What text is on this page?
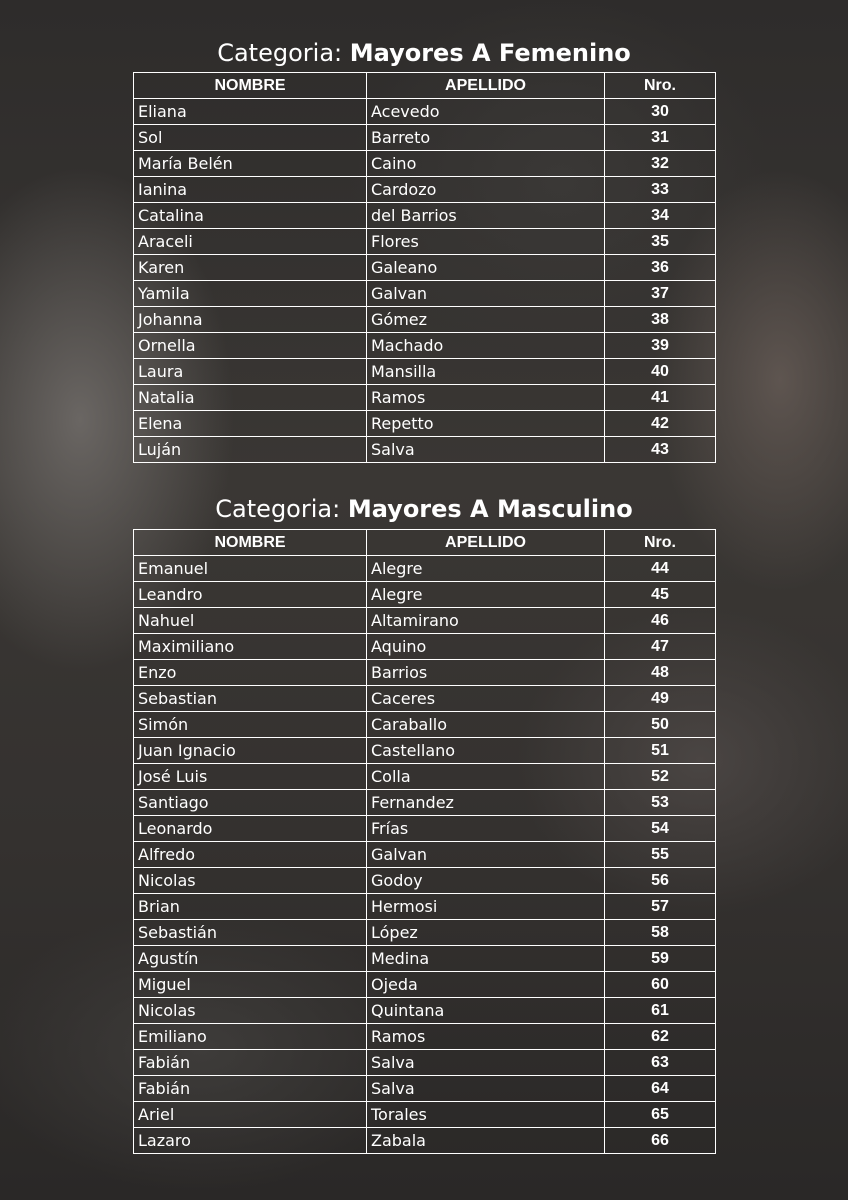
Categoria: Mayores A Femenino
NOMBRE	APELLIDO	Nro.
Eliana	Acevedo	30
Sol	Barreto	31
María Belén	Caino	32
Ianina	Cardozo	33
Catalina	del Barrios	34
Araceli	Flores	35
Karen	Galeano	36
Yamila	Galvan	37
Johanna	Gómez	38
Ornella	Machado	39
Laura	Mansilla	40
Natalia	Ramos	41
Elena	Repetto	42
Luján	Salva	43
Categoria: Mayores A Masculino
NOMBRE	APELLIDO	Nro.
Emanuel	Alegre	44
Leandro	Alegre	45
Nahuel	Altamirano	46
Maximiliano	Aquino	47
Enzo	Barrios	48
Sebastian	Caceres	49
Simón	Caraballo	50
Juan Ignacio	Castellano	51
José Luis	Colla	52
Santiago	Fernandez	53
Leonardo	Frías	54
Alfredo	Galvan	55
Nicolas	Godoy	56
Brian	Hermosi	57
Sebastián	López	58
Agustín	Medina	59
Miguel	Ojeda	60
Nicolas	Quintana	61
Emiliano	Ramos	62
Fabián	Salva	63
Fabián	Salva	64
Ariel	Torales	65
Lazaro	Zabala	66
